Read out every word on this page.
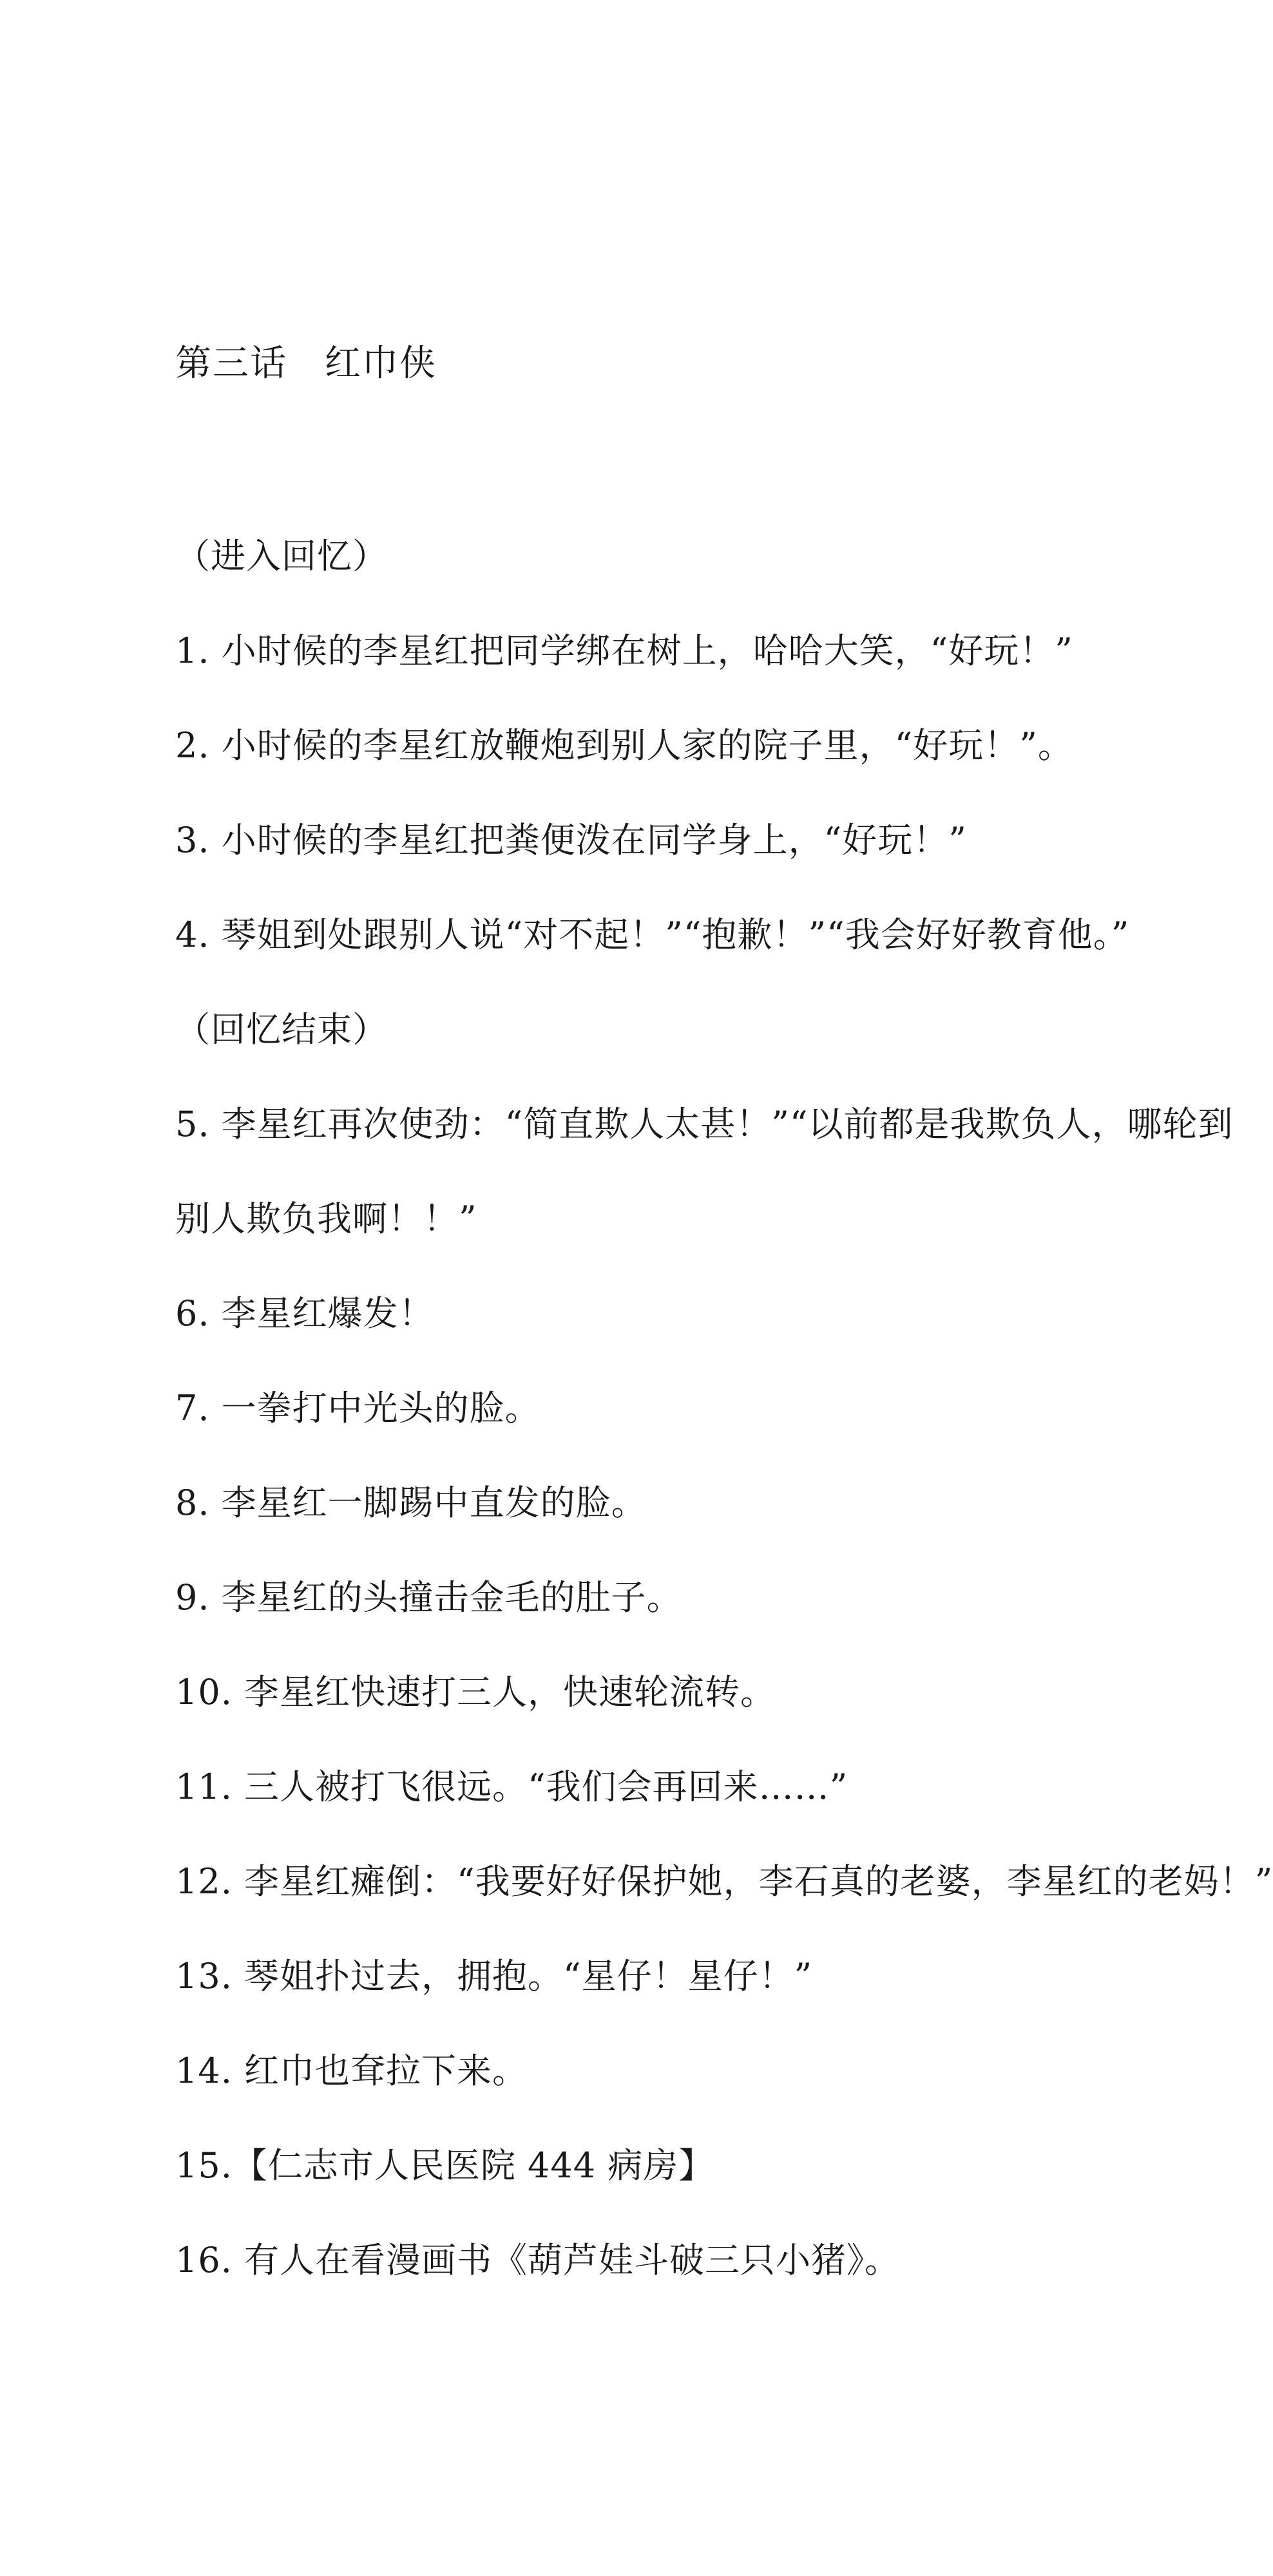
第三话　红巾侠
（进入回忆）
1. 小时候的李星红把同学绑在树上，哈哈大笑，“好玩！”
2. 小时候的李星红放鞭炮到别人家的院子里，“好玩！”。
3. 小时候的李星红把粪便泼在同学身上，“好玩！”
4. 琴姐到处跟别人说“对不起！”“抱歉！”“我会好好教育他。”
（回忆结束）
5. 李星红再次使劲：“简直欺人太甚！”“以前都是我欺负人，哪轮到
别人欺负我啊！！”
6. 李星红爆发！
7. 一拳打中光头的脸。
8. 李星红一脚踢中直发的脸。
9. 李星红的头撞击金毛的肚子。
10. 李星红快速打三人，快速轮流转。
11. 三人被打飞很远。“我们会再回来……”
12. 李星红瘫倒：“我要好好保护她，李石真的老婆，李星红的老妈！”
13. 琴姐扑过去，拥抱。“星仔！星仔！”
14. 红巾也耷拉下来。
15.【仁志市人民医院 444 病房】
16. 有人在看漫画书《葫芦娃斗破三只小猪》。
